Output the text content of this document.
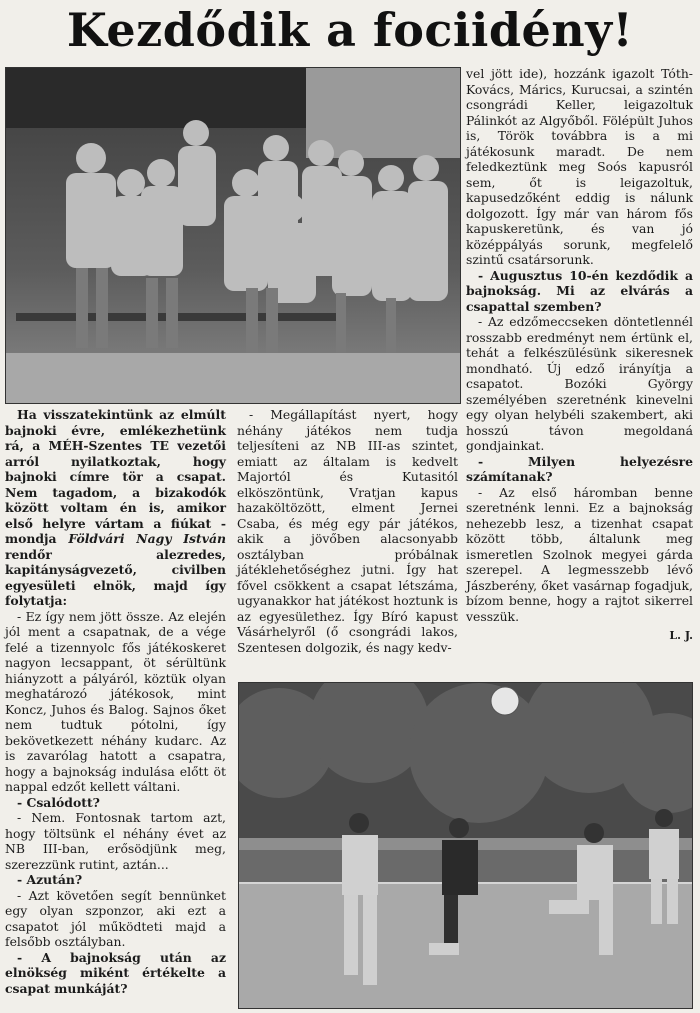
Kezdődik a fociidény!

vel jött ide), hozzánk igazolt Tóth-Kovács, Márics, Kurucsai, a szintén csongrádi Keller, leigazoltuk Pálinkót az Algyőből. Fölépült Juhos is, Török továbbra is a mi játékosunk maradt. De nem feledkeztünk meg Soós kapusról sem, őt is leigazoltuk, kapusedzőként eddig is nálunk dolgozott. Így már van három fős kapuskeretünk, és van jó középpályás sorunk, megfelelő szintű csatársorunk.

- Augusztus 10-én kezdődik a bajnokság. Mi az elvárás a csapattal szemben?

- Az edzőmeccseken döntetlennél rosszabb eredményt nem értünk el, tehát a felkészülésünk sikeresnek mondható. Új edző irányítja a csapatot. Bozóki György személyében szeretnénk kinevelni egy olyan helybéli szakembert, aki hosszú távon megoldaná gondjainkat.

- Milyen helyezésre számítanak?

- Az első háromban benne szeretnénk lenni. Ez a bajnokság nehezebb lesz, a tizenhat csapat között több, általunk meg ismeretlen Szolnok megyei gárda szerepel. A legmesszebb lévő Jászberény, őket vasárnap fogadjuk, bízom benne, hogy a rajtot sikerrel vesszük.

L. J.

Ha visszatekintünk az elmúlt bajnoki évre, emlékezhetünk rá, a MÉH-Szentes TE vezetői arról nyilatkoztak, hogy bajnoki címre tör a csapat. Nem tagadom, a bizakodók között voltam én is, amikor első helyre vártam a fiúkat - mondja Földvári Nagy István rendőr alezredes, kapitányságvezető, civilben egyesületi elnök, majd így folytatja:

- Ez így nem jött össze. Az elején jól ment a csapatnak, de a vége felé a tizennyolc fős játékoskeret nagyon lecsappant, öt sérültünk hiányzott a pályáról, köztük olyan meghatározó játékosok, mint Koncz, Juhos és Balog. Sajnos őket nem tudtuk pótolni, így bekövetkezett néhány kudarc. Az is zavarólag hatott a csapatra, hogy a bajnokság indulása előtt öt nappal edzőt kellett váltani.

- Csalódott?

- Nem. Fontosnak tartom azt, hogy töltsünk el néhány évet az NB III-ban, erősödjünk meg, szerezzünk rutint, aztán...

- Azután?

- Azt követően segít bennünket egy olyan szponzor, aki ezt a csapatot jól működteti majd a felsőbb osztályban.

- A bajnokság után az elnökség miként értékelte a csapat munkáját?

- Megállapítást nyert, hogy néhány játékos nem tudja teljesíteni az NB III-as szintet, emiatt az általam is kedvelt Majortól és Kutasitól elköszöntünk, Vratjan kapus hazaköltözött, elment Jernei Csaba, és még egy pár játékos, akik a jövőben alacsonyabb osztályban próbálnak játéklehetőséghez jutni. Így hat fővel csökkent a csapat létszáma, ugyanakkor hat játékost hoztunk is az egyesülethez. Így Bíró kapust Vásárhelyről (ő csongrádi lakos, Szentesen dolgozik, és nagy kedv-
